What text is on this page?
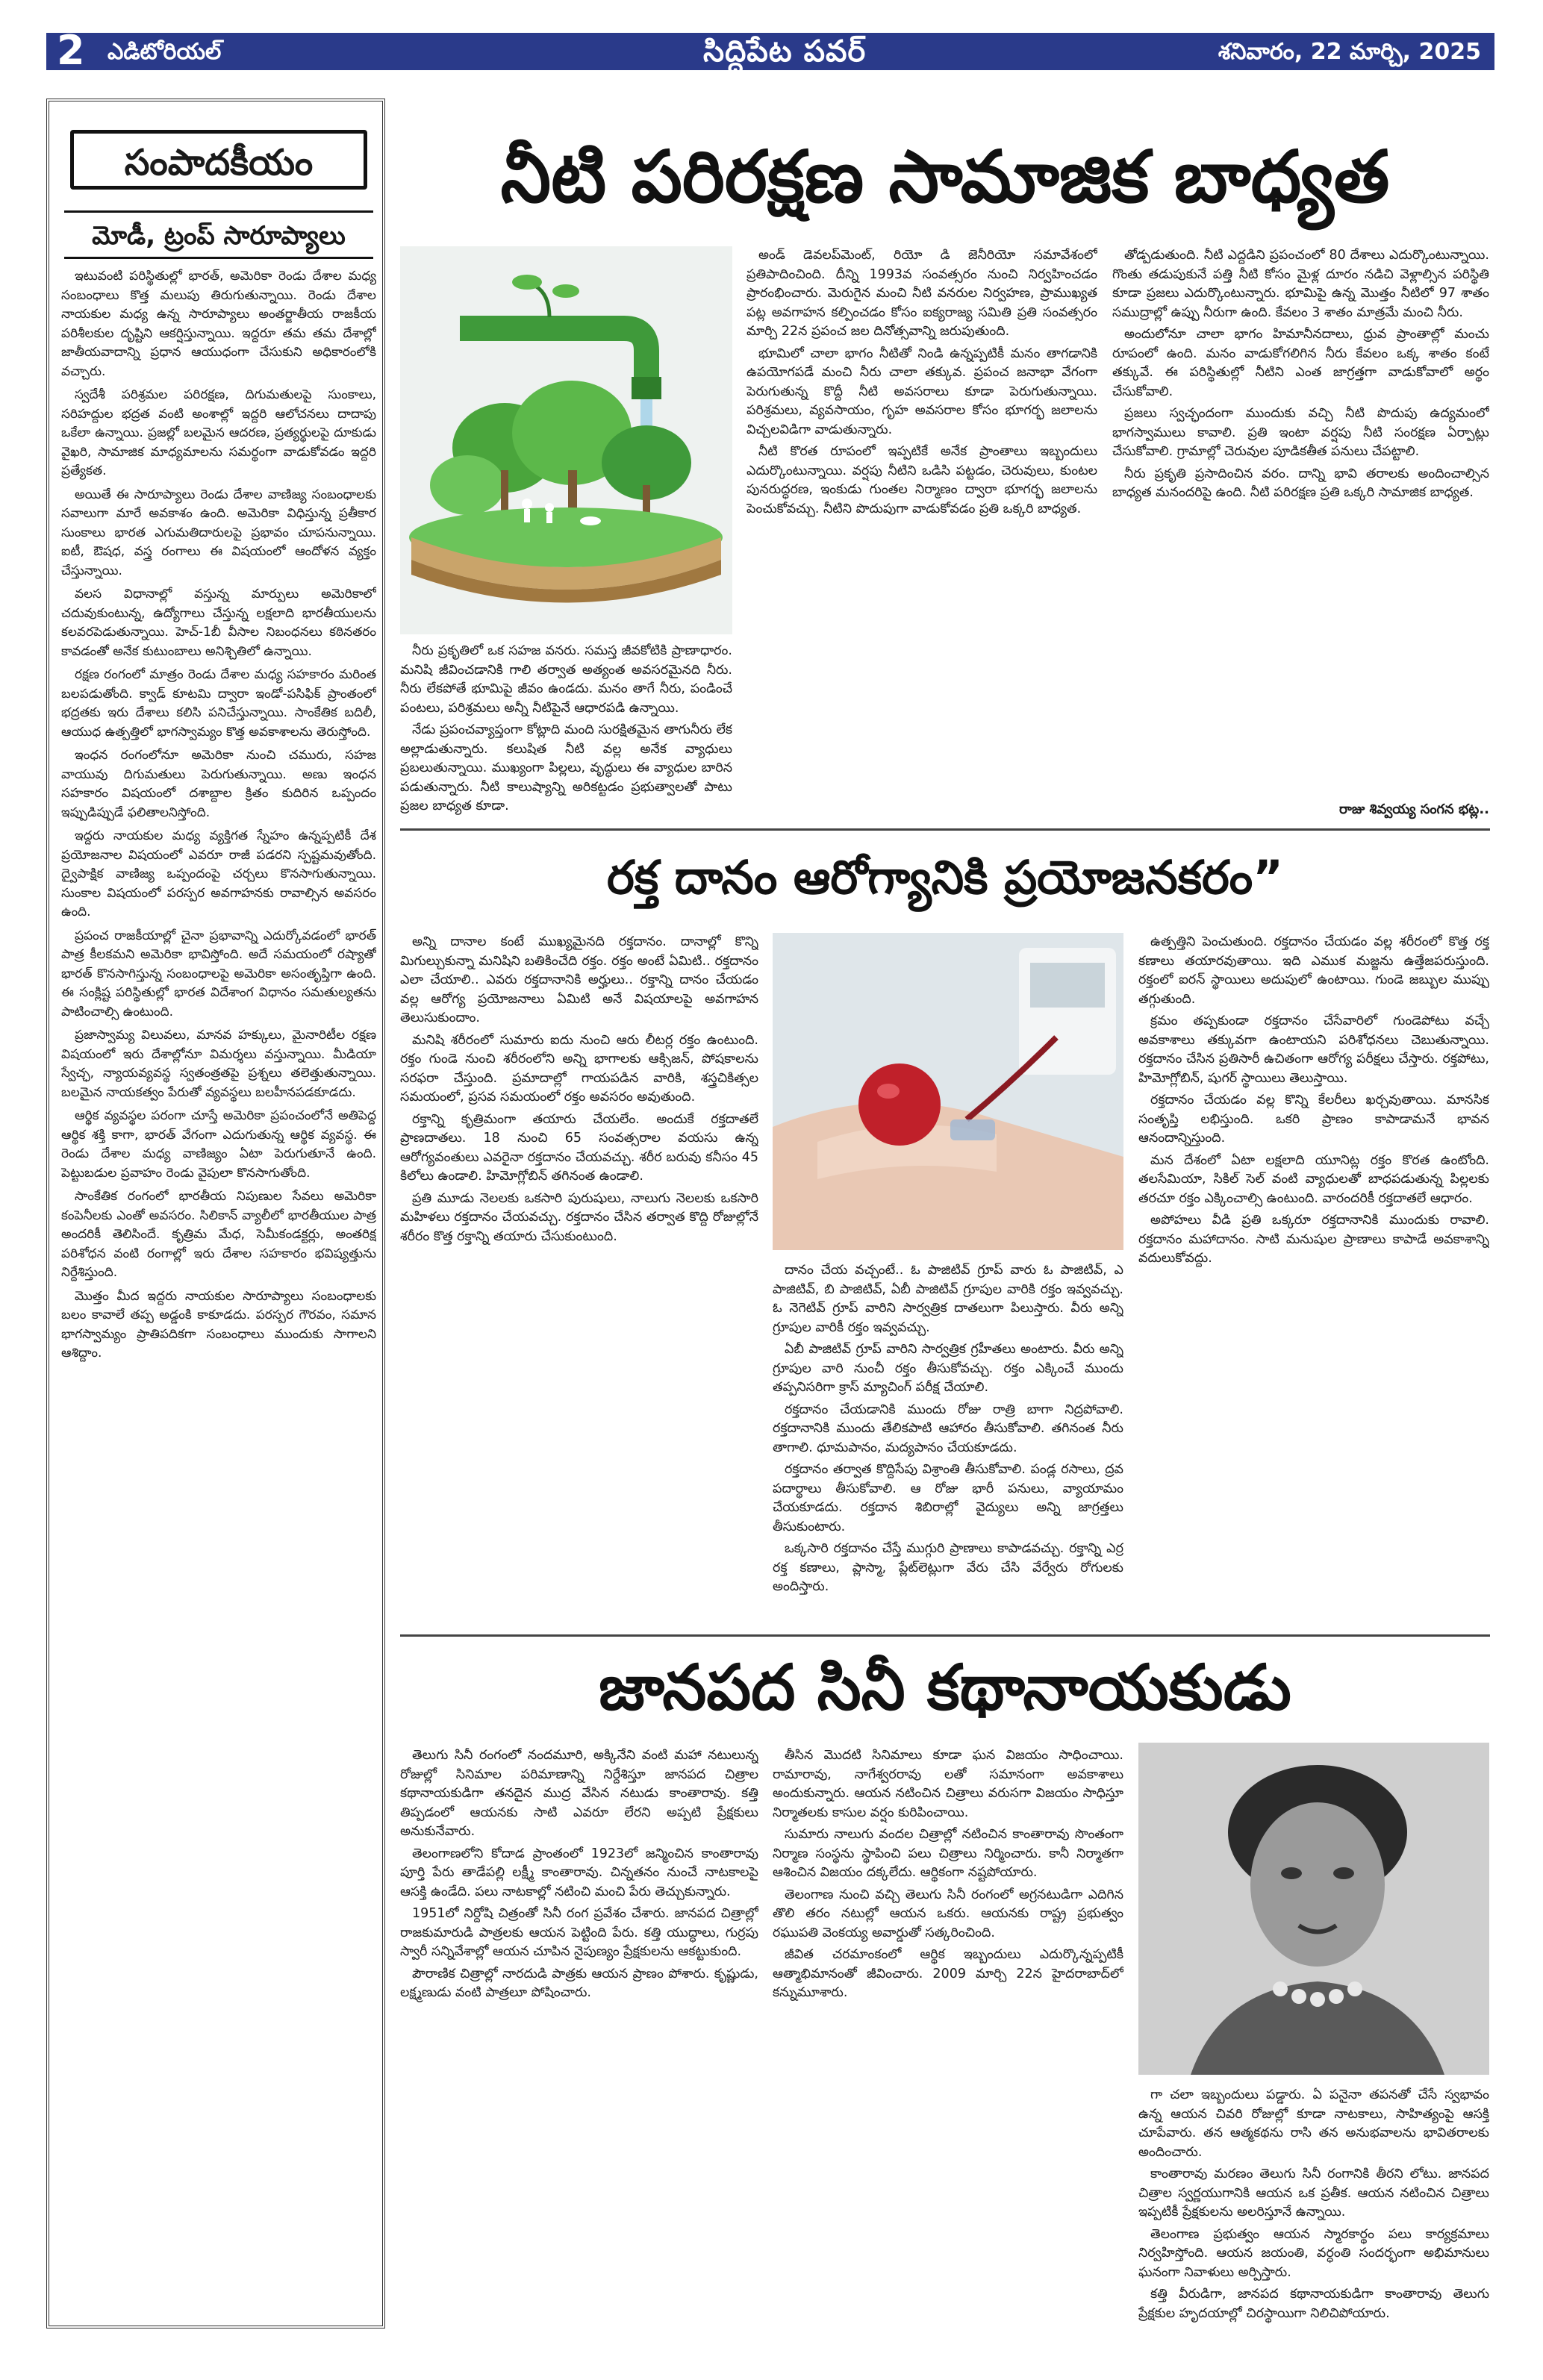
2 ఎడిటోరియల్	సిద్దిపేట పవర్	శనివారం, 22 మార్చి, 2025
సంపాదకీయం
మోడీ, ట్రంప్ సారూప్యాలు

ఇటువంటి పరిస్థితుల్లో భారత్, అమెరికా రెండు దేశాల మధ్య సంబంధాలు కొత్త మలుపు తిరుగుతున్నాయి. రెండు దేశాల నాయకుల మధ్య ఉన్న సారూప్యాలు అంతర్జాతీయ రాజకీయ పరిశీలకుల దృష్టిని ఆకర్షిస్తున్నాయి. ఇద్దరూ తమ తమ దేశాల్లో జాతీయవాదాన్ని ప్రధాన ఆయుధంగా చేసుకుని అధికారంలోకి వచ్చారు.

స్వదేశీ పరిశ్రమల పరిరక్షణ, దిగుమతులపై సుంకాలు, సరిహద్దుల భద్రత వంటి అంశాల్లో ఇద్దరి ఆలోచనలు దాదాపు ఒకేలా ఉన్నాయి. ప్రజల్లో బలమైన ఆదరణ, ప్రత్యర్థులపై దూకుడు వైఖరి, సామాజిక మాధ్యమాలను సమర్థంగా వాడుకోవడం ఇద్దరి ప్రత్యేకత.

అయితే ఈ సారూప్యాలు రెండు దేశాల వాణిజ్య సంబంధాలకు సవాలుగా మారే అవకాశం ఉంది. అమెరికా విధిస్తున్న ప్రతీకార సుంకాలు భారత ఎగుమతిదారులపై ప్రభావం చూపనున్నాయి. ఐటీ, ఔషధ, వస్త్ర రంగాలు ఈ విషయంలో ఆందోళన వ్యక్తం చేస్తున్నాయి.

వలస విధానాల్లో వస్తున్న మార్పులు అమెరికాలో చదువుకుంటున్న, ఉద్యోగాలు చేస్తున్న లక్షలాది భారతీయులను కలవరపెడుతున్నాయి. హెచ్-1బీ వీసాల నిబంధనలు కఠినతరం కావడంతో అనేక కుటుంబాలు అనిశ్చితిలో ఉన్నాయి.

రక్షణ రంగంలో మాత్రం రెండు దేశాల మధ్య సహకారం మరింత బలపడుతోంది. క్వాడ్ కూటమి ద్వారా ఇండో-పసిఫిక్ ప్రాంతంలో భద్రతకు ఇరు దేశాలు కలిసి పనిచేస్తున్నాయి. సాంకేతిక బదిలీ, ఆయుధ ఉత్పత్తిలో భాగస్వామ్యం కొత్త అవకాశాలను తెరుస్తోంది.

ఇంధన రంగంలోనూ అమెరికా నుంచి చమురు, సహజ వాయువు దిగుమతులు పెరుగుతున్నాయి. అణు ఇంధన సహకారం విషయంలో దశాబ్దాల క్రితం కుదిరిన ఒప్పందం ఇప్పుడిప్పుడే ఫలితాలనిస్తోంది.

ఇద్దరు నాయకుల మధ్య వ్యక్తిగత స్నేహం ఉన్నప్పటికీ దేశ ప్రయోజనాల విషయంలో ఎవరూ రాజీ పడరని స్పష్టమవుతోంది. ద్వైపాక్షిక వాణిజ్య ఒప్పందంపై చర్చలు కొనసాగుతున్నాయి. సుంకాల విషయంలో పరస్పర అవగాహనకు రావాల్సిన అవసరం ఉంది.

ప్రపంచ రాజకీయాల్లో చైనా ప్రభావాన్ని ఎదుర్కోవడంలో భారత్ పాత్ర కీలకమని అమెరికా భావిస్తోంది. అదే సమయంలో రష్యాతో భారత్ కొనసాగిస్తున్న సంబంధాలపై అమెరికా అసంతృప్తిగా ఉంది. ఈ సంక్లిష్ట పరిస్థితుల్లో భారత విదేశాంగ విధానం సమతుల్యతను పాటించాల్సి ఉంటుంది.

ప్రజాస్వామ్య విలువలు, మానవ హక్కులు, మైనారిటీల రక్షణ విషయంలో ఇరు దేశాల్లోనూ విమర్శలు వస్తున్నాయి. మీడియా స్వేచ్ఛ, న్యాయవ్యవస్థ స్వతంత్రతపై ప్రశ్నలు తలెత్తుతున్నాయి. బలమైన నాయకత్వం పేరుతో వ్యవస్థలు బలహీనపడకూడదు.

ఆర్థిక వ్యవస్థల పరంగా చూస్తే అమెరికా ప్రపంచంలోనే అతిపెద్ద ఆర్థిక శక్తి కాగా, భారత్ వేగంగా ఎదుగుతున్న ఆర్థిక వ్యవస్థ. ఈ రెండు దేశాల మధ్య వాణిజ్యం ఏటా పెరుగుతూనే ఉంది. పెట్టుబడుల ప్రవాహం రెండు వైపులా కొనసాగుతోంది.

సాంకేతిక రంగంలో భారతీయ నిపుణుల సేవలు అమెరికా కంపెనీలకు ఎంతో అవసరం. సిలికాన్ వ్యాలీలో భారతీయుల పాత్ర అందరికీ తెలిసిందే. కృత్రిమ మేధ, సెమీకండక్టర్లు, అంతరిక్ష పరిశోధన వంటి రంగాల్లో ఇరు దేశాల సహకారం భవిష్యత్తును నిర్దేశిస్తుంది.

మొత్తం మీద ఇద్దరు నాయకుల సారూప్యాలు సంబంధాలకు బలం కావాలే తప్ప అడ్డంకి కాకూడదు. పరస్పర గౌరవం, సమాన భాగస్వామ్యం ప్రాతిపదికగా సంబంధాలు ముందుకు సాగాలని ఆశిద్దాం.

నీటి పరిరక్షణ సామాజిక బాధ్యత

అండ్ డెవలప్‌మెంట్, రియో డి జెనీరియో సమావేశంలో ప్రతిపాదించింది. దీన్ని 1993వ సంవత్సరం నుంచి నిర్వహించడం ప్రారంభించారు. మెరుగైన మంచి నీటి వనరుల నిర్వహణ, ప్రాముఖ్యత పట్ల అవగాహన కల్పించడం కోసం ఐక్యరాజ్య సమితి ప్రతి సంవత్సరం మార్చి 22న ప్రపంచ జల దినోత్సవాన్ని జరుపుతుంది.

భూమిలో చాలా భాగం నీటితో నిండి ఉన్నప్పటికీ మనం తాగడానికి ఉపయోగపడే మంచి నీరు చాలా తక్కువ. ప్రపంచ జనాభా వేగంగా పెరుగుతున్న కొద్దీ నీటి అవసరాలు కూడా పెరుగుతున్నాయి. పరిశ్రమలు, వ్యవసాయం, గృహ అవసరాల కోసం భూగర్భ జలాలను విచ్చలవిడిగా వాడుతున్నారు.

నీటి కొరత రూపంలో ఇప్పటికే అనేక ప్రాంతాలు ఇబ్బందులు ఎదుర్కొంటున్నాయి. వర్షపు నీటిని ఒడిసి పట్టడం, చెరువులు, కుంటల పునరుద్ధరణ, ఇంకుడు గుంతల నిర్మాణం ద్వారా భూగర్భ జలాలను పెంచుకోవచ్చు. నీటిని పొదుపుగా వాడుకోవడం ప్రతి ఒక్కరి బాధ్యత.

నీరు ప్రకృతిలో ఒక సహజ వనరు. సమస్త జీవకోటికి ప్రాణాధారం. మనిషి జీవించడానికి గాలి తర్వాత అత్యంత అవసరమైనది నీరు. నీరు లేకపోతే భూమిపై జీవం ఉండదు. మనం తాగే నీరు, పండించే పంటలు, పరిశ్రమలు అన్నీ నీటిపైనే ఆధారపడి ఉన్నాయి.

నేడు ప్రపంచవ్యాప్తంగా కోట్లాది మంది సురక్షితమైన తాగునీరు లేక అల్లాడుతున్నారు. కలుషిత నీటి వల్ల అనేక వ్యాధులు ప్రబలుతున్నాయి. ముఖ్యంగా పిల్లలు, వృద్ధులు ఈ వ్యాధుల బారిన పడుతున్నారు. నీటి కాలుష్యాన్ని అరికట్టడం ప్రభుత్వాలతో పాటు ప్రజల బాధ్యత కూడా.

తోడ్పడుతుంది. నీటి ఎద్దడిని ప్రపంచంలో 80 దేశాలు ఎదుర్కొంటున్నాయి. గొంతు తడుపుకునే పత్తి నీటి కోసం మైళ్ల దూరం నడిచి వెళ్లాల్సిన పరిస్థితి కూడా ప్రజలు ఎదుర్కొంటున్నారు. భూమిపై ఉన్న మొత్తం నీటిలో 97 శాతం సముద్రాల్లో ఉప్పు నీరుగా ఉంది. కేవలం 3 శాతం మాత్రమే మంచి నీరు.

అందులోనూ చాలా భాగం హిమానీనదాలు, ధ్రువ ప్రాంతాల్లో మంచు రూపంలో ఉంది. మనం వాడుకోగలిగిన నీరు కేవలం ఒక్క శాతం కంటే తక్కువే. ఈ పరిస్థితుల్లో నీటిని ఎంత జాగ్రత్తగా వాడుకోవాలో అర్థం చేసుకోవాలి.

ప్రజలు స్వచ్ఛందంగా ముందుకు వచ్చి నీటి పొదుపు ఉద్యమంలో భాగస్వాములు కావాలి. ప్రతి ఇంటా వర్షపు నీటి సంరక్షణ ఏర్పాట్లు చేసుకోవాలి. గ్రామాల్లో చెరువుల పూడికతీత పనులు చేపట్టాలి.

నీరు ప్రకృతి ప్రసాదించిన వరం. దాన్ని భావి తరాలకు అందించాల్సిన బాధ్యత మనందరిపై ఉంది. నీటి పరిరక్షణ ప్రతి ఒక్కరి సామాజిక బాధ్యత.

రాజు శివ్వయ్య సంగన భట్ల..
రక్త దానం ఆరోగ్యానికి ప్రయోజనకరం”

అన్ని దానాల కంటే ముఖ్యమైనది రక్తదానం. దానాల్లో కొన్ని మిగుల్చుకున్నా మనిషిని బతికించేది రక్తం. రక్తం అంటే ఏమిటి.. రక్తదానం ఎలా చేయాలి.. ఎవరు రక్తదానానికి అర్హులు.. రక్తాన్ని దానం చేయడం వల్ల ఆరోగ్య ప్రయోజనాలు ఏమిటి అనే విషయాలపై అవగాహన తెలుసుకుందాం.

మనిషి శరీరంలో సుమారు ఐదు నుంచి ఆరు లీటర్ల రక్తం ఉంటుంది. రక్తం గుండె నుంచి శరీరంలోని అన్ని భాగాలకు ఆక్సిజన్, పోషకాలను సరఫరా చేస్తుంది. ప్రమాదాల్లో గాయపడిన వారికి, శస్త్రచికిత్సల సమయంలో, ప్రసవ సమయంలో రక్తం అవసరం అవుతుంది.

రక్తాన్ని కృత్రిమంగా తయారు చేయలేం. అందుకే రక్తదాతలే ప్రాణదాతలు. 18 నుంచి 65 సంవత్సరాల వయసు ఉన్న ఆరోగ్యవంతులు ఎవరైనా రక్తదానం చేయవచ్చు. శరీర బరువు కనీసం 45 కిలోలు ఉండాలి. హిమోగ్లోబిన్ తగినంత ఉండాలి.

ప్రతి మూడు నెలలకు ఒకసారి పురుషులు, నాలుగు నెలలకు ఒకసారి మహిళలు రక్తదానం చేయవచ్చు. రక్తదానం చేసిన తర్వాత కొద్ది రోజుల్లోనే శరీరం కొత్త రక్తాన్ని తయారు చేసుకుంటుంది.

దానం చేయ వచ్చంటే.. ఓ పాజిటివ్ గ్రూప్ వారు ఓ పాజిటివ్, ఎ పాజిటివ్, బి పాజిటివ్, ఏబీ పాజిటివ్ గ్రూపుల వారికి రక్తం ఇవ్వవచ్చు. ఓ నెగెటివ్ గ్రూప్ వారిని సార్వత్రిక దాతలుగా పిలుస్తారు. వీరు అన్ని గ్రూపుల వారికీ రక్తం ఇవ్వవచ్చు.

ఏబీ పాజిటివ్ గ్రూప్ వారిని సార్వత్రిక గ్రహీతలు అంటారు. వీరు అన్ని గ్రూపుల వారి నుంచీ రక్తం తీసుకోవచ్చు. రక్తం ఎక్కించే ముందు తప్పనిసరిగా క్రాస్ మ్యాచింగ్ పరీక్ష చేయాలి.

రక్తదానం చేయడానికి ముందు రోజు రాత్రి బాగా నిద్రపోవాలి. రక్తదానానికి ముందు తేలికపాటి ఆహారం తీసుకోవాలి. తగినంత నీరు తాగాలి. ధూమపానం, మద్యపానం చేయకూడదు.

రక్తదానం తర్వాత కొద్దిసేపు విశ్రాంతి తీసుకోవాలి. పండ్ల రసాలు, ద్రవ పదార్థాలు తీసుకోవాలి. ఆ రోజు భారీ పనులు, వ్యాయామం చేయకూడదు. రక్తదాన శిబిరాల్లో వైద్యులు అన్ని జాగ్రత్తలు తీసుకుంటారు.

ఒక్కసారి రక్తదానం చేస్తే ముగ్గురి ప్రాణాలు కాపాడవచ్చు. రక్తాన్ని ఎర్ర రక్త కణాలు, ప్లాస్మా, ప్లేట్‌లెట్లుగా వేరు చేసి వేర్వేరు రోగులకు అందిస్తారు.

ఉత్పత్తిని పెంచుతుంది. రక్తదానం చేయడం వల్ల శరీరంలో కొత్త రక్త కణాలు తయారవుతాయి. ఇది ఎముక మజ్జను ఉత్తేజపరుస్తుంది. రక్తంలో ఐరన్ స్థాయిలు అదుపులో ఉంటాయి. గుండె జబ్బుల ముప్పు తగ్గుతుంది.

క్రమం తప్పకుండా రక్తదానం చేసేవారిలో గుండెపోటు వచ్చే అవకాశాలు తక్కువగా ఉంటాయని పరిశోధనలు చెబుతున్నాయి. రక్తదానం చేసిన ప్రతిసారీ ఉచితంగా ఆరోగ్య పరీక్షలు చేస్తారు. రక్తపోటు, హిమోగ్లోబిన్, షుగర్ స్థాయిలు తెలుస్తాయి.

రక్తదానం చేయడం వల్ల కొన్ని కేలరీలు ఖర్చవుతాయి. మానసిక సంతృప్తి లభిస్తుంది. ఒకరి ప్రాణం కాపాడామనే భావన ఆనందాన్నిస్తుంది.

మన దేశంలో ఏటా లక్షలాది యూనిట్ల రక్తం కొరత ఉంటోంది. తలసేమియా, సికిల్ సెల్ వంటి వ్యాధులతో బాధపడుతున్న పిల్లలకు తరచూ రక్తం ఎక్కించాల్సి ఉంటుంది. వారందరికీ రక్తదాతలే ఆధారం.

అపోహలు వీడి ప్రతి ఒక్కరూ రక్తదానానికి ముందుకు రావాలి. రక్తదానం మహాదానం. సాటి మనుషుల ప్రాణాలు కాపాడే అవకాశాన్ని వదులుకోవద్దు.

జానపద సినీ కథానాయకుడు

తెలుగు సినీ రంగంలో నందమూరి, అక్కినేని వంటి మహా నటులున్న రోజుల్లో సినిమాల పరిమాణాన్ని నిర్దేశిస్తూ జానపద చిత్రాల కథానాయకుడిగా తనదైన ముద్ర వేసిన నటుడు కాంతారావు. కత్తి తిప్పడంలో ఆయనకు సాటి ఎవరూ లేరని అప్పటి ప్రేక్షకులు అనుకునేవారు.

తెలంగాణలోని కోదాడ ప్రాంతంలో 1923లో జన్మించిన కాంతారావు పూర్తి పేరు తాడేపల్లి లక్ష్మీ కాంతారావు. చిన్నతనం నుంచే నాటకాలపై ఆసక్తి ఉండేది. పలు నాటకాల్లో నటించి మంచి పేరు తెచ్చుకున్నారు.

1951లో నిర్దోషి చిత్రంతో సినీ రంగ ప్రవేశం చేశారు. జానపద చిత్రాల్లో రాజకుమారుడి పాత్రలకు ఆయన పెట్టింది పేరు. కత్తి యుద్ధాలు, గుర్రపు స్వారీ సన్నివేశాల్లో ఆయన చూపిన నైపుణ్యం ప్రేక్షకులను ఆకట్టుకుంది.

పౌరాణిక చిత్రాల్లో నారదుడి పాత్రకు ఆయన ప్రాణం పోశారు. కృష్ణుడు, లక్ష్మణుడు వంటి పాత్రలూ పోషించారు.

తీసిన మొదటి సినిమాలు కూడా ఘన విజయం సాధించాయి. రామారావు, నాగేశ్వరరావు లతో సమానంగా అవకాశాలు అందుకున్నారు. ఆయన నటించిన చిత్రాలు వరుసగా విజయం సాధిస్తూ నిర్మాతలకు కాసుల వర్షం కురిపించాయి.

సుమారు నాలుగు వందల చిత్రాల్లో నటించిన కాంతారావు సొంతంగా నిర్మాణ సంస్థను స్థాపించి పలు చిత్రాలు నిర్మించారు. కానీ నిర్మాతగా ఆశించిన విజయం దక్కలేదు. ఆర్థికంగా నష్టపోయారు.

తెలంగాణ నుంచి వచ్చి తెలుగు సినీ రంగంలో అగ్రనటుడిగా ఎదిగిన తొలి తరం నటుల్లో ఆయన ఒకరు. ఆయనకు రాష్ట్ర ప్రభుత్వం రఘుపతి వెంకయ్య అవార్డుతో సత్కరించింది.

జీవిత చరమాంకంలో ఆర్థిక ఇబ్బందులు ఎదుర్కొన్నప్పటికీ ఆత్మాభిమానంతో జీవించారు. 2009 మార్చి 22న హైదరాబాద్‌లో కన్నుమూశారు.

గా చలా ఇబ్బందులు పడ్డారు. ఏ పనైనా తపనతో చేసే స్వభావం ఉన్న ఆయన చివరి రోజుల్లో కూడా నాటకాలు, సాహిత్యంపై ఆసక్తి చూపేవారు. తన ఆత్మకథను రాసి తన అనుభవాలను భావితరాలకు అందించారు.

కాంతారావు మరణం తెలుగు సినీ రంగానికి తీరని లోటు. జానపద చిత్రాల స్వర్ణయుగానికి ఆయన ఒక ప్రతీక. ఆయన నటించిన చిత్రాలు ఇప్పటికీ ప్రేక్షకులను అలరిస్తూనే ఉన్నాయి.

తెలంగాణ ప్రభుత్వం ఆయన స్మారకార్థం పలు కార్యక్రమాలు నిర్వహిస్తోంది. ఆయన జయంతి, వర్ధంతి సందర్భంగా అభిమానులు ఘనంగా నివాళులు అర్పిస్తారు.

కత్తి వీరుడిగా, జానపద కథానాయకుడిగా కాంతారావు తెలుగు ప్రేక్షకుల హృదయాల్లో చిరస్థాయిగా నిలిచిపోయారు.
